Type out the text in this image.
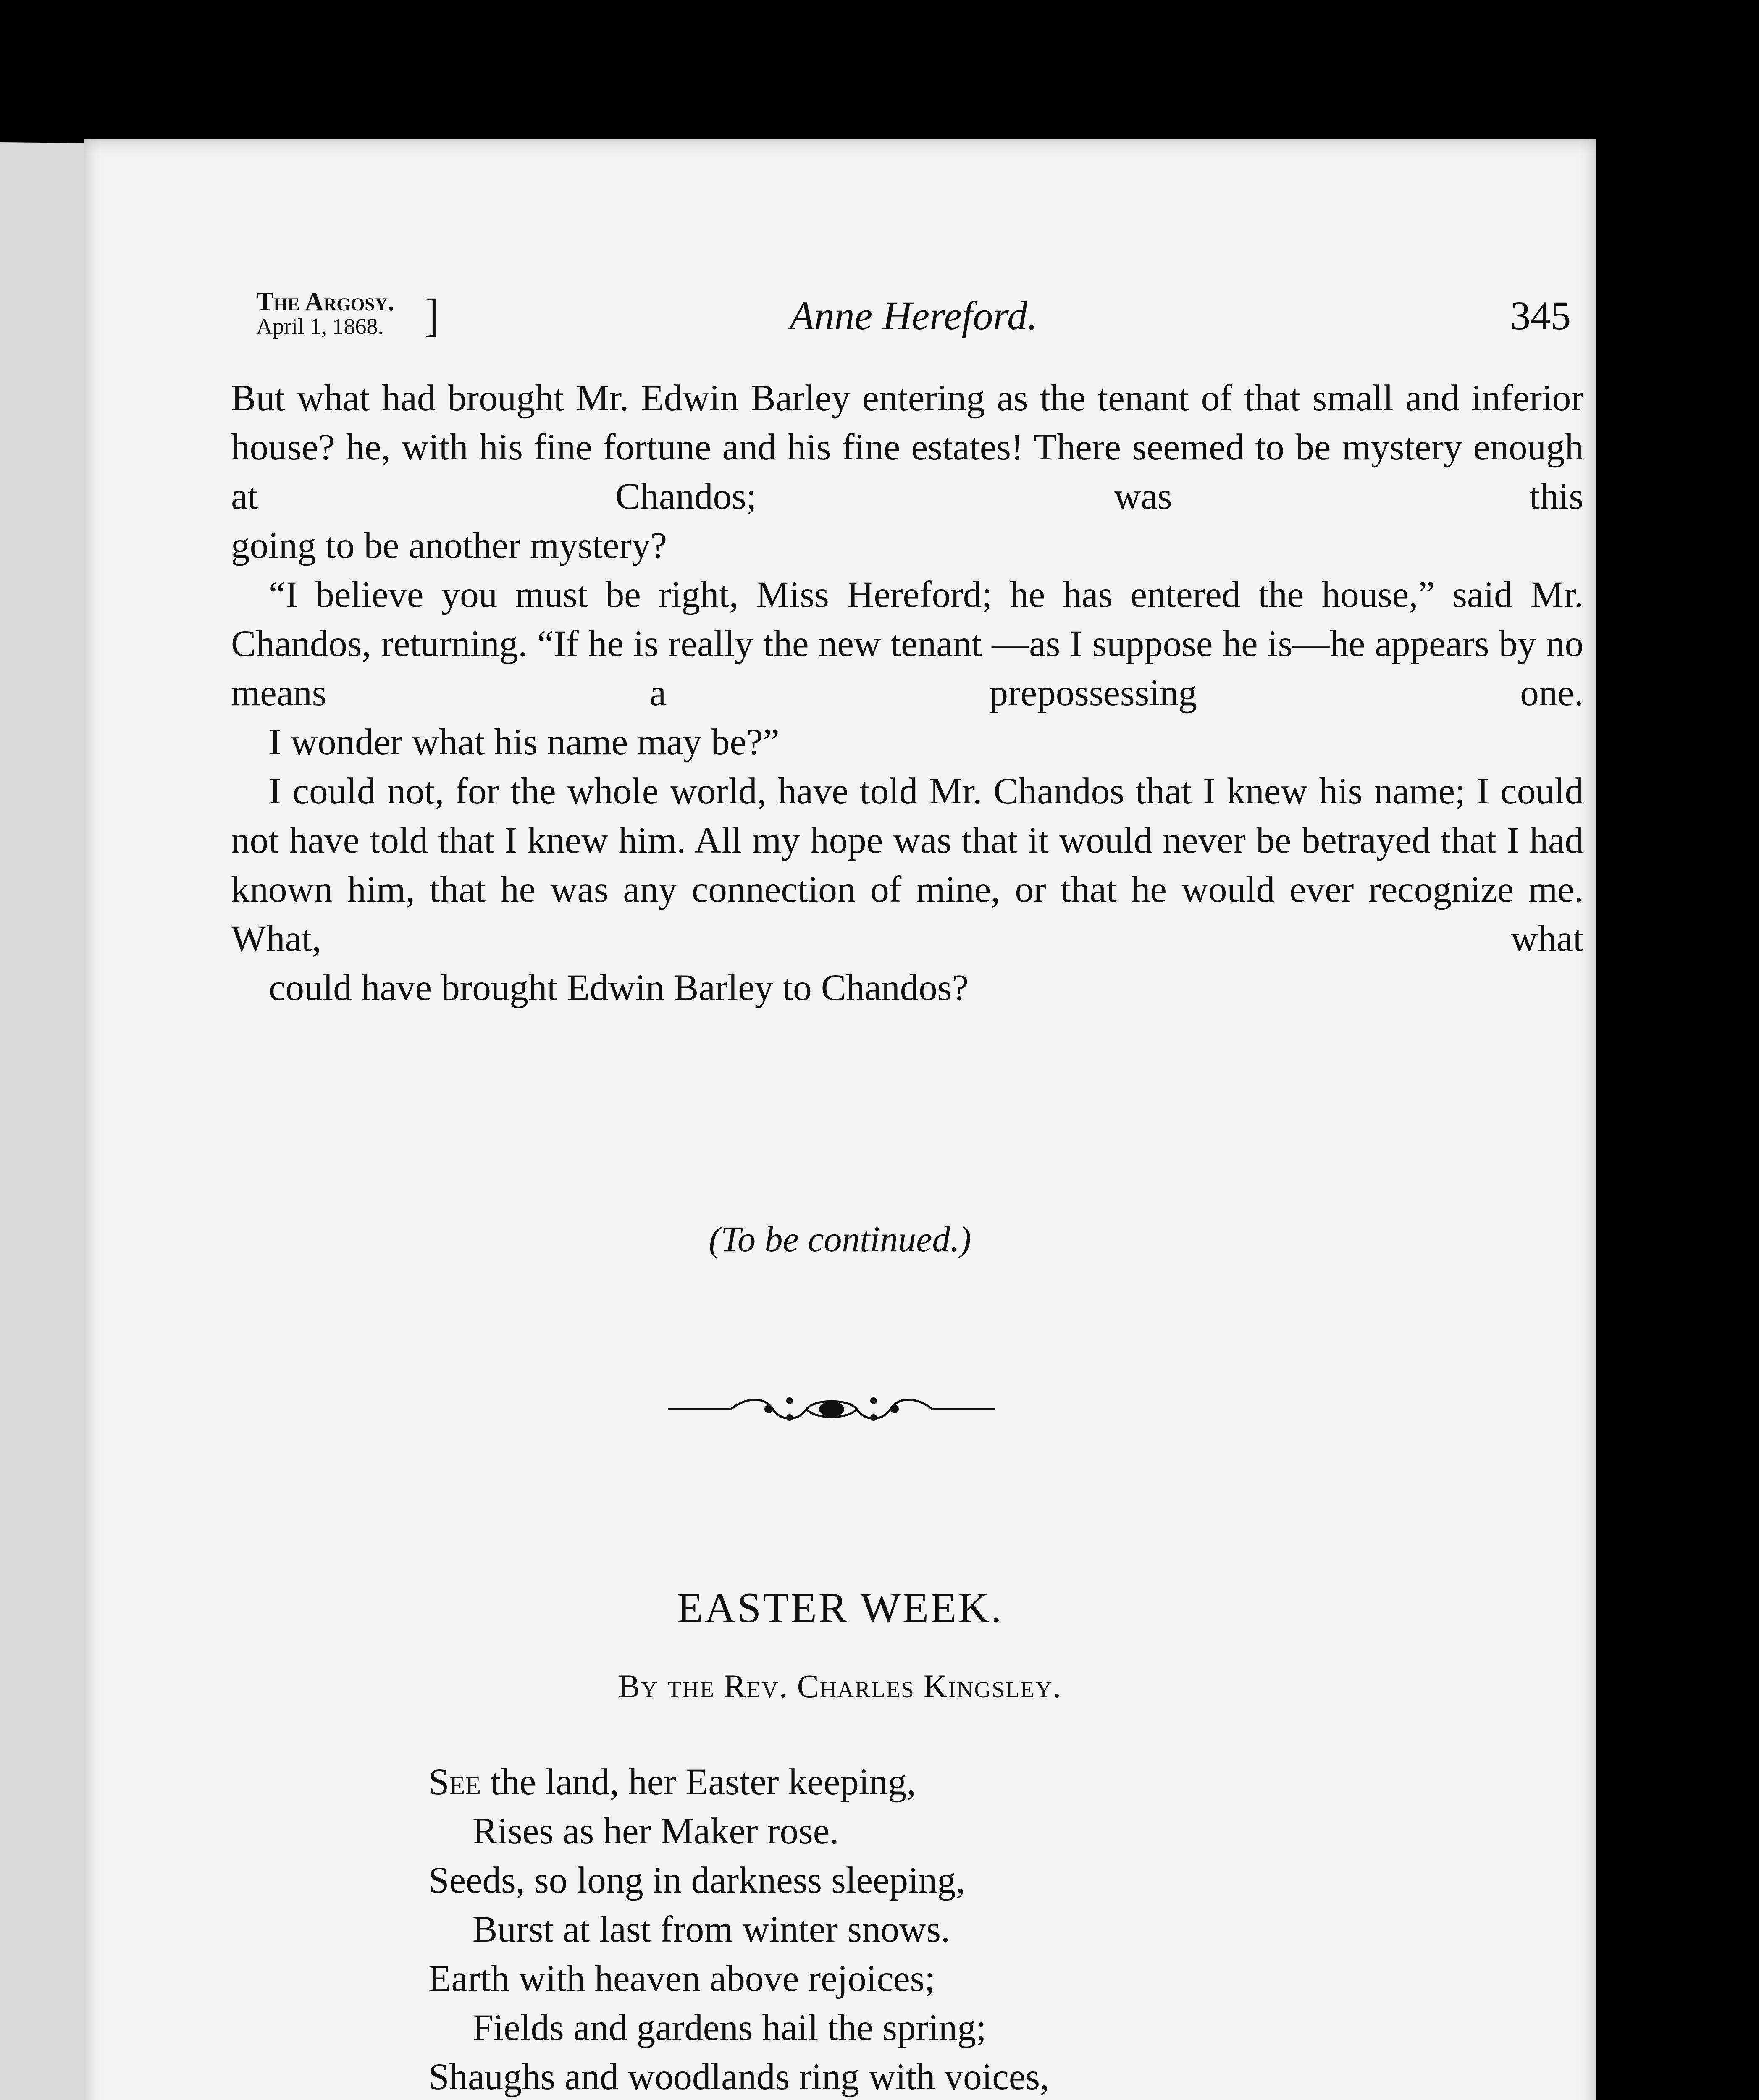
The Argosy.
April 1, 1868. ]	Anne Hereford.	345

But what had brought Mr. Edwin Barley entering as the tenant of that small and inferior house? he, with his fine fortune and his fine estates! There seemed to be mystery enough at Chandos; was this
going to be another mystery?

“I believe you must be right, Miss Hereford; he has entered the house,” said Mr. Chandos, returning. “If he is really the new tenant —as I suppose he is—he appears by no means a prepossessing one.
I wonder what his name may be?”

I could not, for the whole world, have told Mr. Chandos that I knew his name; I could not have told that I knew him. All my hope was that it would never be betrayed that I had known him, that he was any connection of mine, or that he would ever recognize me. What, what
could have brought Edwin Barley to Chandos?

(To be continued.)
EASTER WEEK.
By the Rev. Charles Kingsley.
See the land, her Easter keeping,
Rises as her Maker rose.
Seeds, so long in darkness sleeping,
Burst at last from winter snows.
Earth with heaven above rejoices;
Fields and gardens hail the spring;
Shaughs and woodlands ring with voices,
